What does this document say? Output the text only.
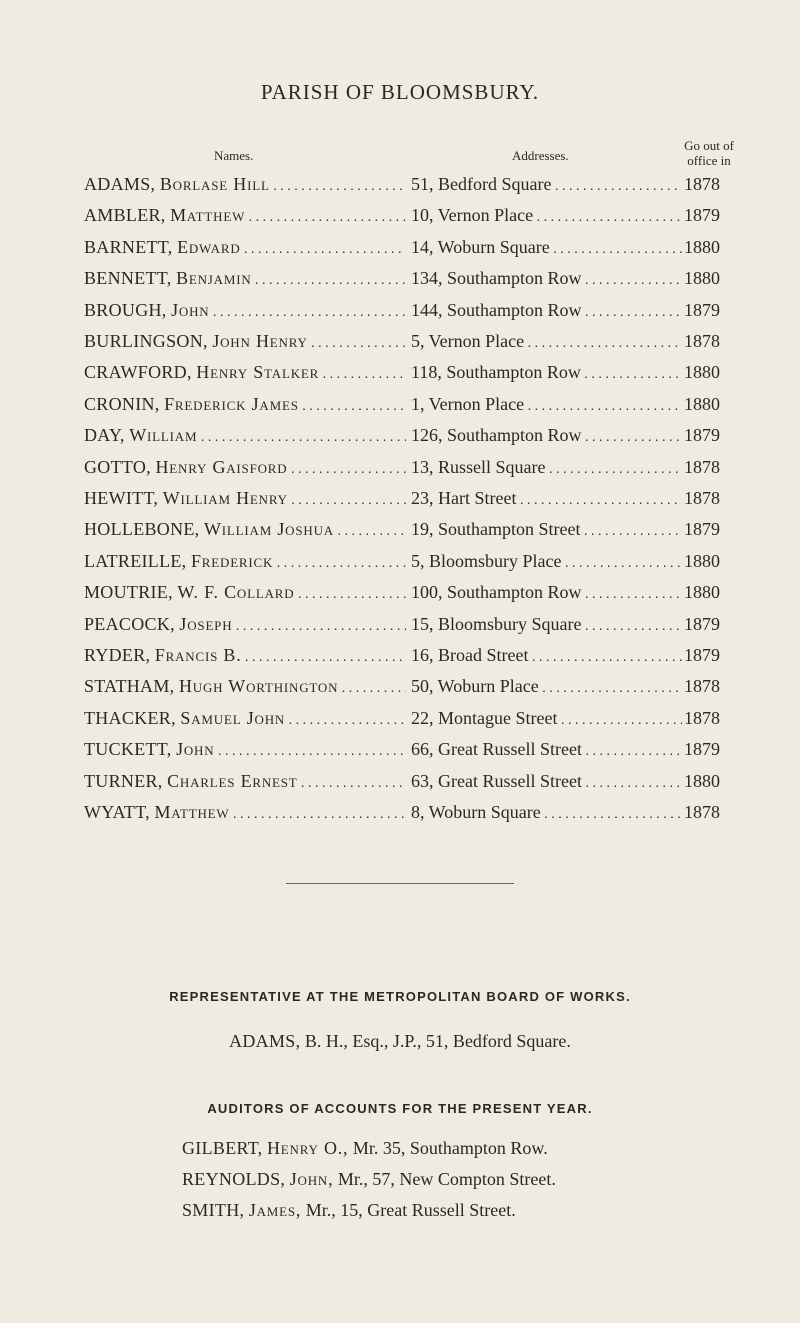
PARISH OF BLOOMSBURY.
Names.	Addresses.
Go out of
office in
ADAMS, Borlase Hill . . .	51, Bedford Square . . .	1878
AMBLER, Matthew . . .	10, Vernon Place . . .	1879
BARNETT, Edward . . .	14, Woburn Square . . .	1880
BENNETT, Benjamin . . .	134, Southampton Row . . .	1880
BROUGH, John . . .	144, Southampton Row . . .	1879
BURLINGSON, John Henry . . .	5, Vernon Place . . .	1878
CRAWFORD, Henry Stalker . . .	118, Southampton Row . . .	1880
CRONIN, Frederick James . . .	1, Vernon Place . . .	1880
DAY, William . . .	126, Southampton Row . . .	1879
GOTTO, Henry Gaisford . . .	13, Russell Square . . .	1878
HEWITT, William Henry . . .	23, Hart Street . . .	1878
HOLLEBONE, William Joshua . . .	19, Southampton Street . . .	1879
LATREILLE, Frederick . . .	5, Bloomsbury Place . . .	1880
MOUTRIE, W. F. Collard . . .	100, Southampton Row . . .	1880
PEACOCK, Joseph . . .	15, Bloomsbury Square . . .	1879
RYDER, Francis B. . . .	16, Broad Street . . .	1879
STATHAM, Hugh Worthington . . .	50, Woburn Place . . .	1878
THACKER, Samuel John . . .	22, Montague Street . . .	1878
TUCKETT, John . . .	66, Great Russell Street . . .	1879
TURNER, Charles Ernest . . .	63, Great Russell Street . . .	1880
WYATT, Matthew . . .	8, Woburn Square . . .	1878
REPRESENTATIVE AT THE METROPOLITAN BOARD OF WORKS.
ADAMS, B. H., Esq., J.P., 51, Bedford Square.
AUDITORS OF ACCOUNTS FOR THE PRESENT YEAR.
GILBERT, Henry O., Mr. 35, Southampton Row.
REYNOLDS, John, Mr., 57, New Compton Street.
SMITH, James, Mr., 15, Great Russell Street.
